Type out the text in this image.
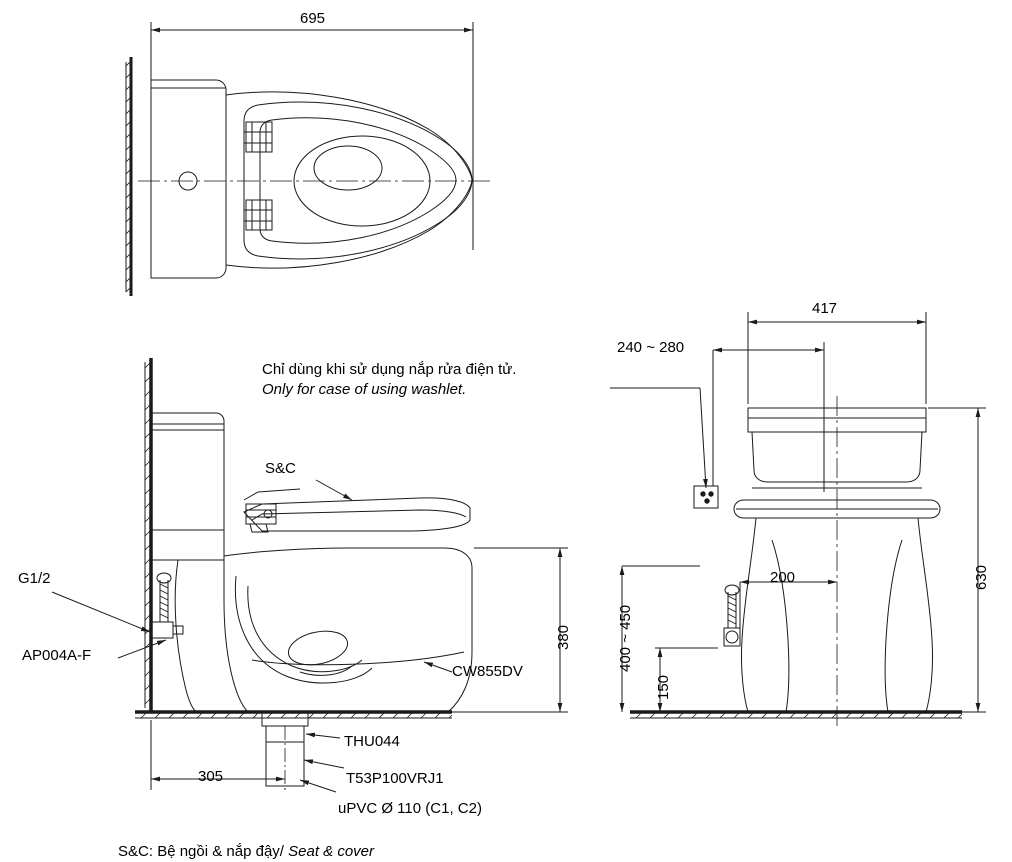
695
Chỉ dùng khi sử dụng nắp rửa điện tử.
Only for case of using washlet.
S&C
G1/2
AP004A-F
CW855DV
THU044
T53P100VRJ1
uPVC Ø 110 (C1, C2)
305
380
240 ~ 280
417
630
400 ~ 450
150
200
S&C: Bệ ngồi & nắp đậy/ Seat & cover
